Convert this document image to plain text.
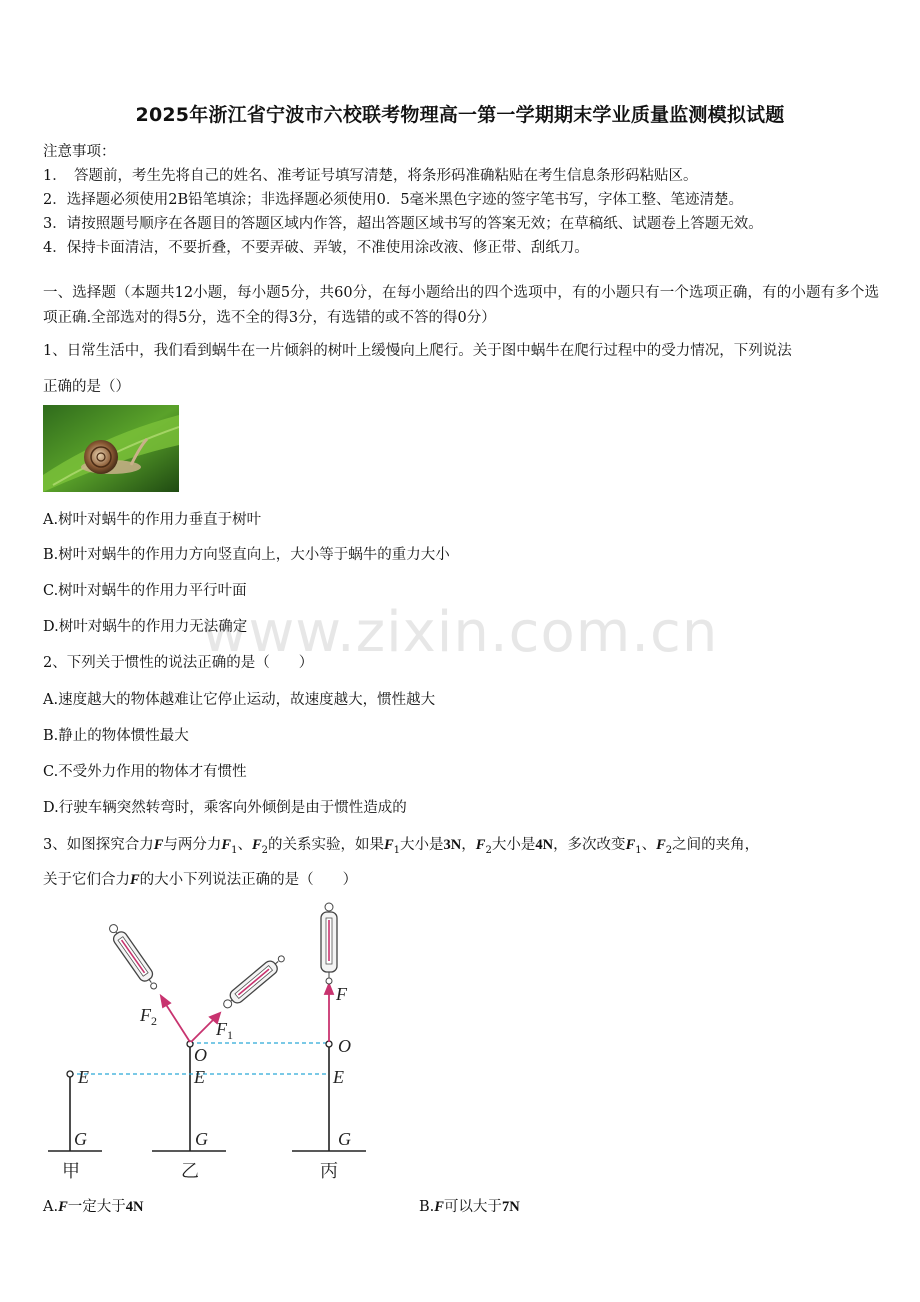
2025年浙江省宁波市六校联考物理高一第一学期期末学业质量监测模拟试题
注意事项：
1．　答题前，考生先将自己的姓名、准考证号填写清楚，将条形码准确粘贴在考生信息条形码粘贴区。
2．选择题必须使用2B铅笔填涂；非选择题必须使用0．5毫米黑色字迹的签字笔书写，字体工整、笔迹清楚。
3．请按照题号顺序在各题目的答题区域内作答，超出答题区域书写的答案无效；在草稿纸、试题卷上答题无效。
4．保持卡面清洁，不要折叠，不要弄破、弄皱，不准使用涂改液、修正带、刮纸刀。
一、选择题（本题共12小题，每小题5分，共60分，在每小题给出的四个选项中，有的小题只有一个选项正确，有的小题有多个选项正确.全部选对的得5分，选不全的得3分，有选错的或不答的得0分）
1、日常生活中，我们看到蜗牛在一片倾斜的树叶上缓慢向上爬行。关于图中蜗牛在爬行过程中的受力情况，下列说法
正确的是（）
A.树叶对蜗牛的作用力垂直于树叶
B.树叶对蜗牛的作用力方向竖直向上，大小等于蜗牛的重力大小
C.树叶对蜗牛的作用力平行叶面
D.树叶对蜗牛的作用力无法确定
www.zixin.com.cn
2、下列关于惯性的说法正确的是（　　）
A.速度越大的物体越难让它停止运动，故速度越大，惯性越大
B.静止的物体惯性最大
C.不受外力作用的物体才有惯性
D.行驶车辆突然转弯时，乘客向外倾倒是由于惯性造成的
3、如图探究合力F与两分力$F_1$、$F_2$的关系实验，如果$F_1$大小是3N，$F_2$大小是4N，多次改变$F_1$、$F_2$之间的夹角，
关于它们合力F的大小下列说法正确的是（　　）
$F_2$	$F_1$
F
O	O
E	E	E
G	G	G
甲	乙	丙
A.F一定大于4N	B.F可以大于7N
